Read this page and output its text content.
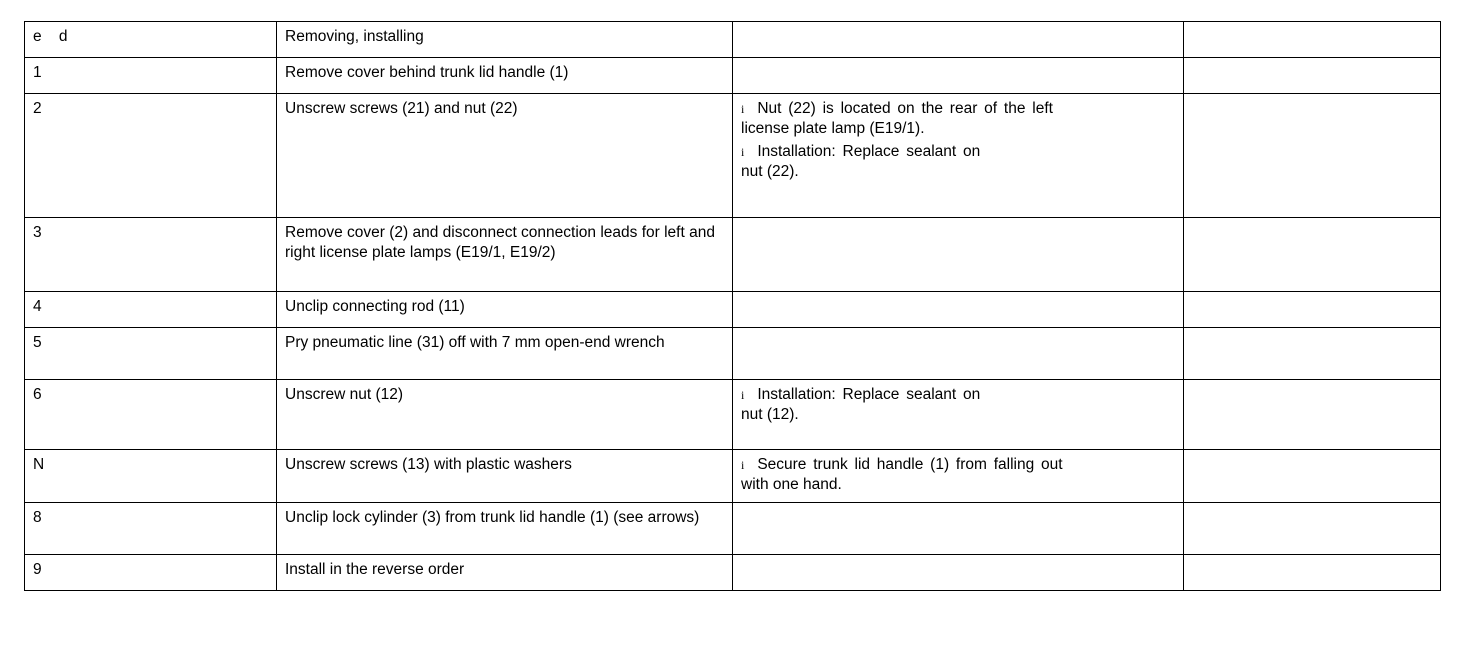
e    d	Removing, installing		
1	Remove cover behind trunk lid handle (1)		
2	Unscrew screws (21) and nut (22)	i Nut (22) is located on the rear of the left
license plate lamp (E19/1).
i Installation: Replace sealant on
nut (22).	

3	Remove cover (2) and disconnect connection leads for left and right license plate lamps (E19/1, E19/2)		
4	Unclip connecting rod (11)		
5	Pry pneumatic line (31) off with 7 mm open-end wrench		
6	Unscrew nut (12)	i Installation: Replace sealant on
nut (12).	

N	Unscrew screws (13) with plastic washers	i Secure trunk lid handle (1) from falling out
with one hand.	

8	Unclip lock cylinder (3) from trunk lid handle (1) (see arrows)		
9	Install in the reverse order		
